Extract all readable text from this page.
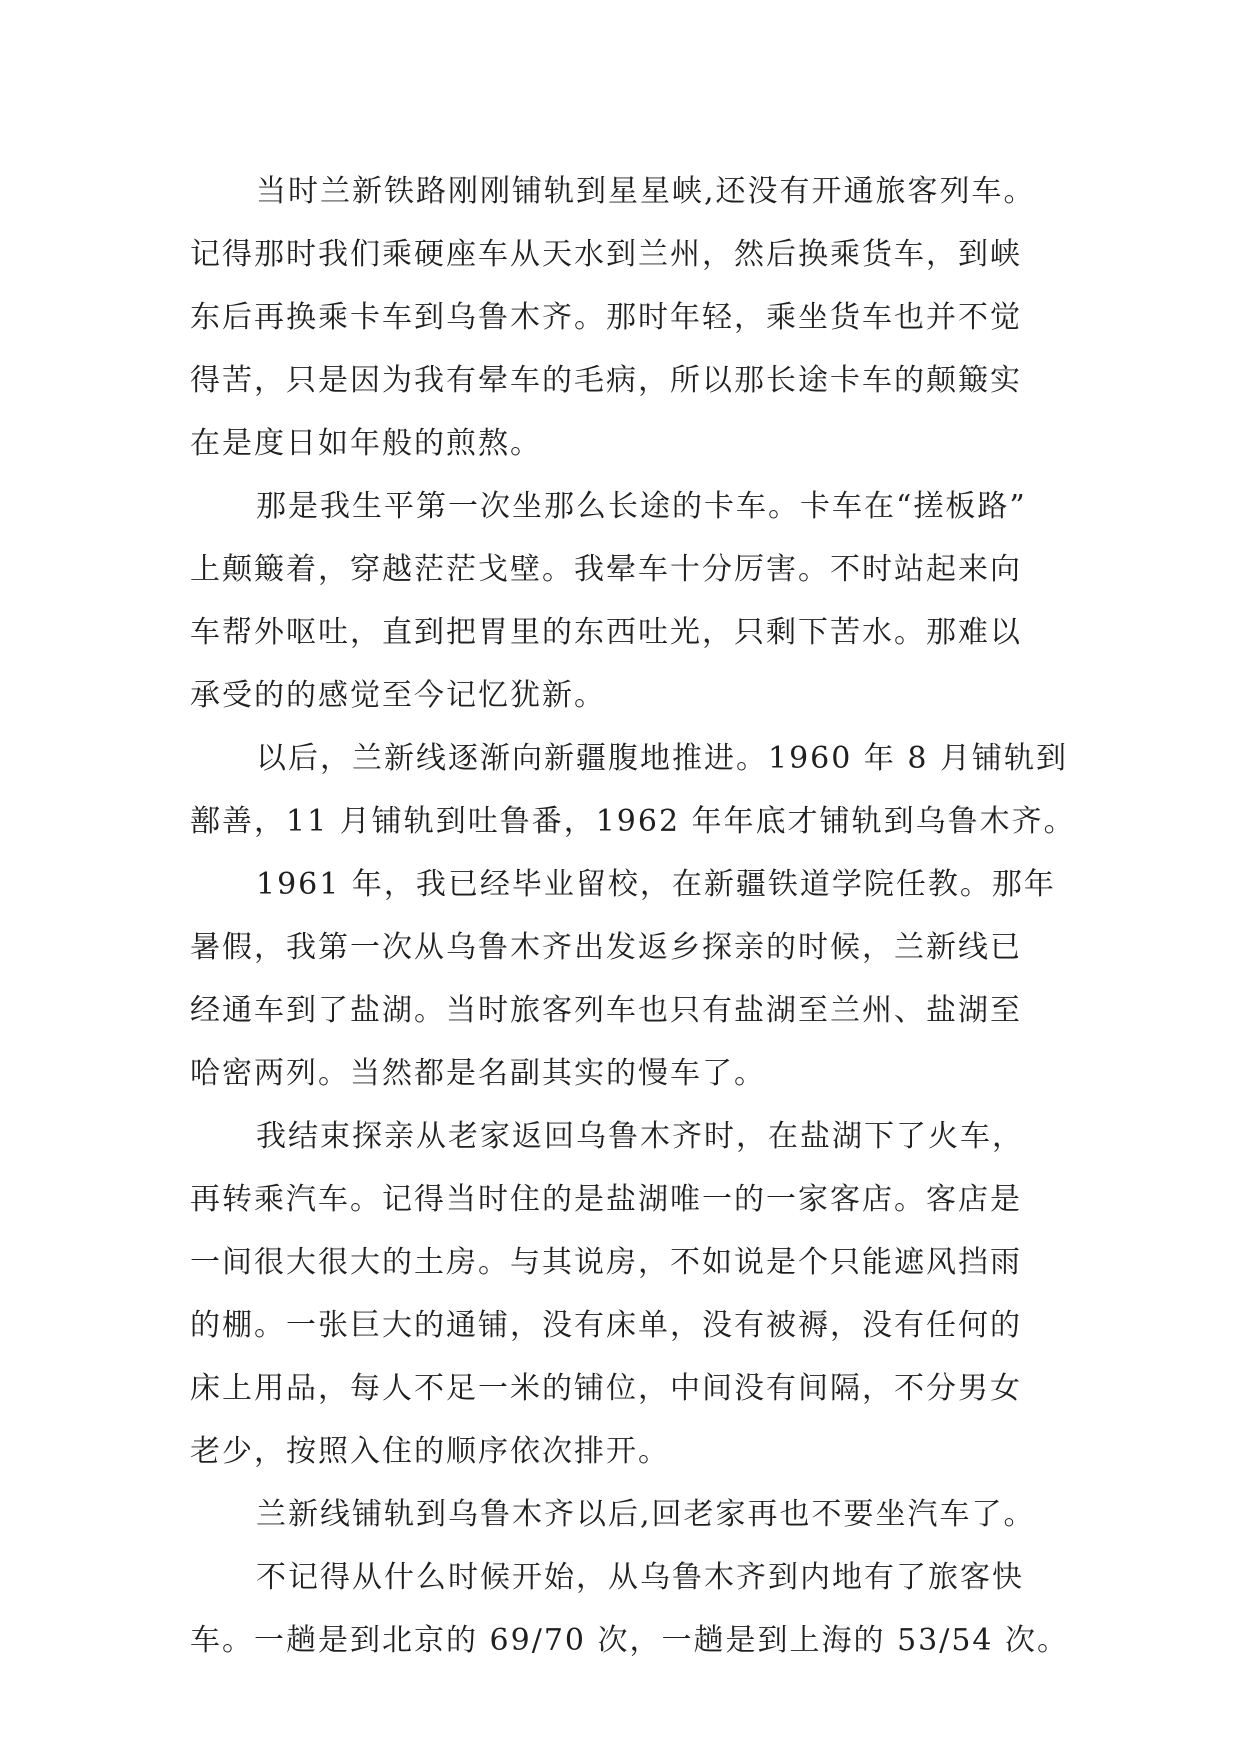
当时兰新铁路刚刚铺轨到星星峡,还没有开通旅客列车。
记得那时我们乘硬座车从天水到兰州，然后换乘货车，到峡
东后再换乘卡车到乌鲁木齐。那时年轻，乘坐货车也并不觉
得苦，只是因为我有晕车的毛病，所以那长途卡车的颠簸实
在是度日如年般的煎熬。

那是我生平第一次坐那么长途的卡车。卡车在“搓板路”
上颠簸着，穿越茫茫戈壁。我晕车十分厉害。不时站起来向
车帮外呕吐，直到把胃里的东西吐光，只剩下苦水。那难以
承受的的感觉至今记忆犹新。

以后，兰新线逐渐向新疆腹地推进。1960 年 8 月铺轨到
鄯善，11 月铺轨到吐鲁番，1962 年年底才铺轨到乌鲁木齐。

1961 年，我已经毕业留校，在新疆铁道学院任教。那年
暑假，我第一次从乌鲁木齐出发返乡探亲的时候，兰新线已
经通车到了盐湖。当时旅客列车也只有盐湖至兰州、盐湖至
哈密两列。当然都是名副其实的慢车了。

我结束探亲从老家返回乌鲁木齐时，在盐湖下了火车，
再转乘汽车。记得当时住的是盐湖唯一的一家客店。客店是
一间很大很大的土房。与其说房，不如说是个只能遮风挡雨
的棚。一张巨大的通铺，没有床单，没有被褥，没有任何的
床上用品，每人不足一米的铺位，中间没有间隔，不分男女
老少，按照入住的顺序依次排开。

兰新线铺轨到乌鲁木齐以后,回老家再也不要坐汽车了。

不记得从什么时候开始，从乌鲁木齐到内地有了旅客快
车。一趟是到北京的 69/70 次，一趟是到上海的 53/54 次。
